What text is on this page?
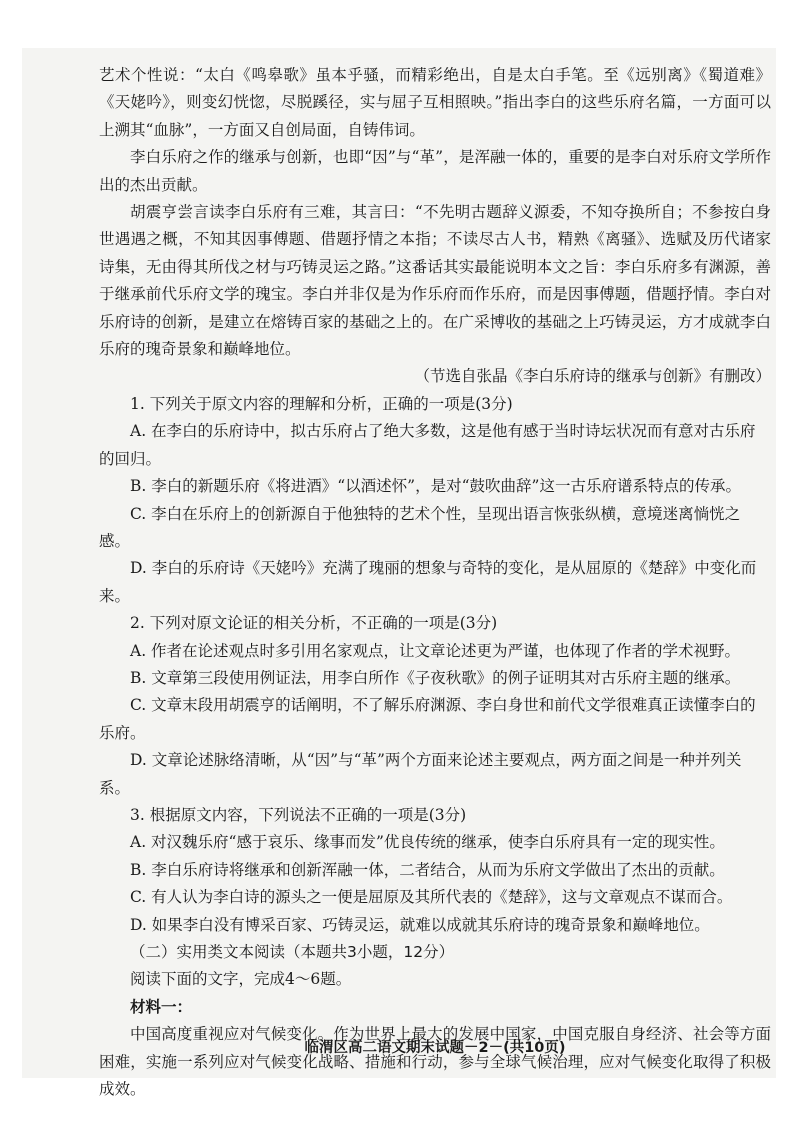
艺术个性说：“太白《鸣皋歌》虽本乎骚，而精彩绝出，自是太白手笔。至《远别离》《蜀道难》《天姥吟》，则变幻恍惚，尽脱蹊径，实与屈子互相照映。”指出李白的这些乐府名篇，一方面可以上溯其“血脉”，一方面又自创局面，自铸伟词。

李白乐府之作的继承与创新，也即“因”与“革”，是浑融一体的，重要的是李白对乐府文学所作出的杰出贡献。

胡震亨尝言读李白乐府有三难，其言曰：“不先明古题辞义源委，不知夺换所自；不参按白身世遇遇之概，不知其因事傅题、借题抒情之本指；不读尽古人书，精熟《离骚》、选赋及历代诸家诗集，无由得其所伐之材与巧铸灵运之路。”这番话其实最能说明本文之旨：李白乐府多有渊源，善于继承前代乐府文学的瑰宝。李白并非仅是为作乐府而作乐府，而是因事傅题，借题抒情。李白对乐府诗的创新，是建立在熔铸百家的基础之上的。在广采博收的基础之上巧铸灵运，方才成就李白乐府的瑰奇景象和巅峰地位。

（节选自张晶《李白乐府诗的继承与创新》有删改）

1. 下列关于原文内容的理解和分析，正确的一项是(3分)

A. 在李白的乐府诗中，拟古乐府占了绝大多数，这是他有感于当时诗坛状况而有意对古乐府的回归。

B. 李白的新题乐府《将进酒》“以酒述怀”，是对“鼓吹曲辞”这一古乐府谱系特点的传承。

C. 李白在乐府上的创新源自于他独特的艺术个性，呈现出语言恢张纵横，意境迷离惝恍之感。

D. 李白的乐府诗《天姥吟》充满了瑰丽的想象与奇特的变化，是从屈原的《楚辞》中变化而来。

2. 下列对原文论证的相关分析，不正确的一项是(3分)

A. 作者在论述观点时多引用名家观点，让文章论述更为严谨，也体现了作者的学术视野。

B. 文章第三段使用例证法，用李白所作《子夜秋歌》的例子证明其对古乐府主题的继承。

C. 文章末段用胡震亨的话阐明，不了解乐府渊源、李白身世和前代文学很难真正读懂李白的乐府。

D. 文章论述脉络清晰，从“因”与“革”两个方面来论述主要观点，两方面之间是一种并列关系。

3. 根据原文内容，下列说法不正确的一项是(3分)

A. 对汉魏乐府“感于哀乐、缘事而发”优良传统的继承，使李白乐府具有一定的现实性。

B. 李白乐府诗将继承和创新浑融一体，二者结合，从而为乐府文学做出了杰出的贡献。

C. 有人认为李白诗的源头之一便是屈原及其所代表的《楚辞》，这与文章观点不谋而合。

D. 如果李白没有博采百家、巧铸灵运，就难以成就其乐府诗的瑰奇景象和巅峰地位。

（二）实用类文本阅读（本题共3小题，12分）

阅读下面的文字，完成4～6题。

材料一：

中国高度重视应对气候变化。作为世界上最大的发展中国家，中国克服自身经济、社会等方面困难，实施一系列应对气候变化战略、措施和行动，参与全球气候治理，应对气候变化取得了积极成效。

临渭区高二语文期末试题－2－(共10页)
